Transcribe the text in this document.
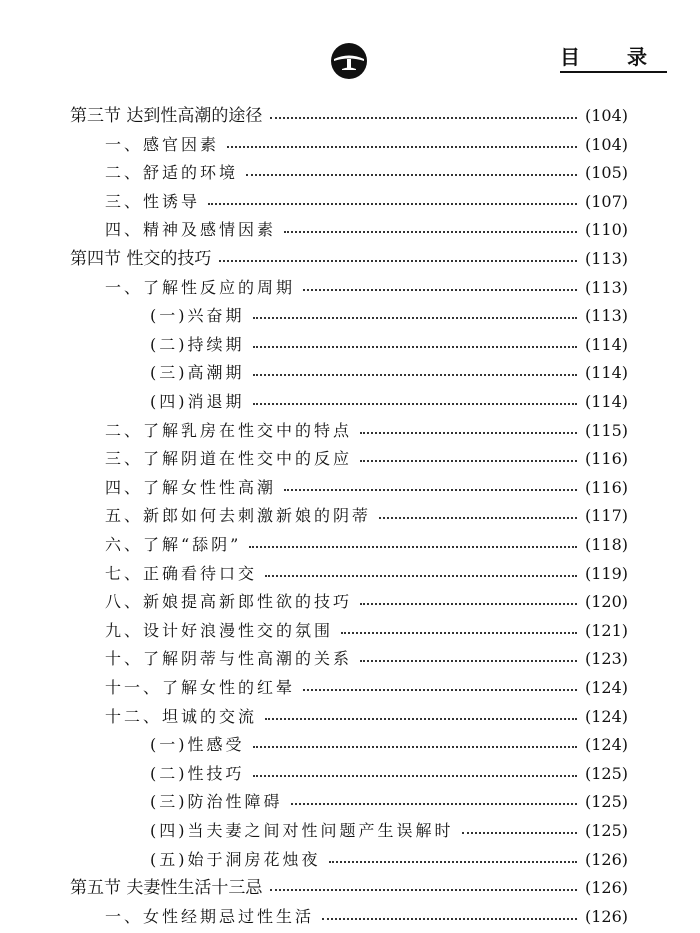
目 录
第三节 达到性高潮的途径	(104)
一、感官因素	(104)
二、舒适的环境	(105)
三、性诱导	(107)
四、精神及感情因素	(110)
第四节 性交的技巧	(113)
一、了解性反应的周期	(113)
(一)兴奋期	(113)
(二)持续期	(114)
(三)高潮期	(114)
(四)消退期	(114)
二、了解乳房在性交中的特点	(115)
三、了解阴道在性交中的反应	(116)
四、了解女性性高潮	(116)
五、新郎如何去刺激新娘的阴蒂	(117)
六、了解“舔阴”	(118)
七、正确看待口交	(119)
八、新娘提高新郎性欲的技巧	(120)
九、设计好浪漫性交的氛围	(121)
十、了解阴蒂与性高潮的关系	(123)
十一、了解女性的红晕	(124)
十二、坦诚的交流	(124)
(一)性感受	(124)
(二)性技巧	(125)
(三)防治性障碍	(125)
(四)当夫妻之间对性问题产生误解时	(125)
(五)始于洞房花烛夜	(126)
第五节 夫妻性生活十三忌	(126)
一、女性经期忌过性生活	(126)
